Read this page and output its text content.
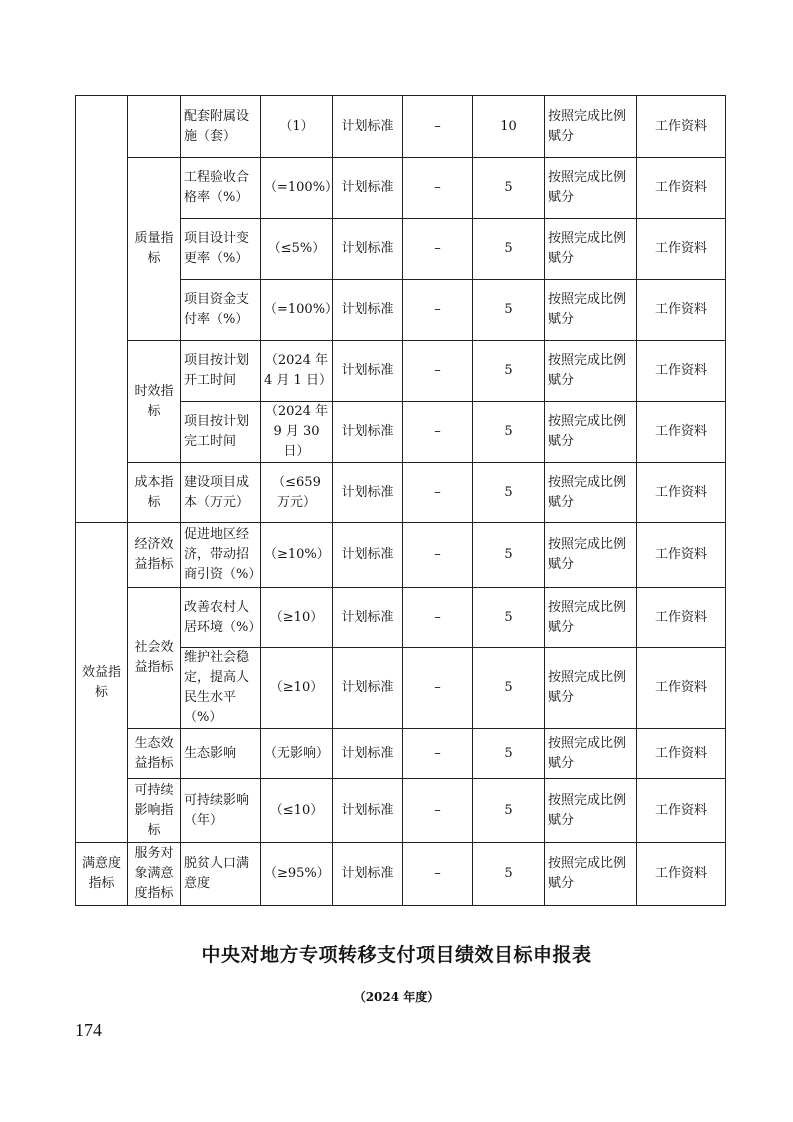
		配套附属设施（套）	（1）	计划标准	–	10	按照完成比例赋分	工作资料
	质量指标	工程验收合格率（%）	（=100%）	计划标准	–	5	按照完成比例赋分	工作资料
		项目设计变更率（%）	（≤5%）	计划标准	–	5	按照完成比例赋分	工作资料
		项目资金支付率（%）	（=100%）	计划标准	–	5	按照完成比例赋分	工作资料
	时效指标	项目按计划开工时间	（2024 年 4 月 1 日）	计划标准	–	5	按照完成比例赋分	工作资料
		项目按计划完工时间	（2024 年 9 月 30 日）	计划标准	–	5	按照完成比例赋分	工作资料
	成本指标	建设项目成本（万元）	（≤659 万元）	计划标准	–	5	按照完成比例赋分	工作资料
效益指标	经济效益指标	促进地区经济，带动招商引资（%）	（≥10%）	计划标准	–	5	按照完成比例赋分	工作资料
	社会效益指标	改善农村人居环境（%）	（≥10）	计划标准	–	5	按照完成比例赋分	工作资料
		维护社会稳定，提高人民生水平（%）	（≥10）	计划标准	–	5	按照完成比例赋分	工作资料
	生态效益指标	生态影响	（无影响）	计划标准	–	5	按照完成比例赋分	工作资料
	可持续影响指标	可持续影响（年）	（≤10）	计划标准	–	5	按照完成比例赋分	工作资料
满意度指标	服务对象满意度指标	脱贫人口满意度	（≥95%）	计划标准	–	5	按照完成比例赋分	工作资料
中央对地方专项转移支付项目绩效目标申报表
（2024 年度）
174
